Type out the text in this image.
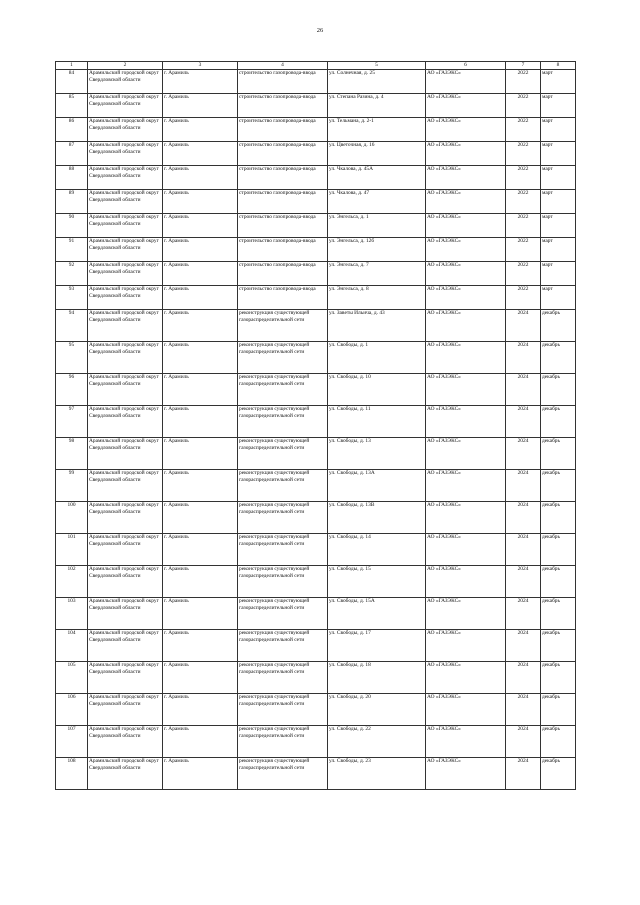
26
1	2	3	4	5	6	7	8
84	Арамильский городской округ Свердловской области	г. Арамиль	строительство газопровода-ввода	ул. Солнечная, д. 25	АО «ГАЗЭКС»	2022	март
85	Арамильский городской округ Свердловской области	г. Арамиль	строительство газопровода-ввода	ул. Степана Разина, д. 4	АО «ГАЗЭКС»	2022	март
86	Арамильский городской округ Свердловской области	г. Арамиль	строительство газопровода-ввода	ул. Тельмана, д. 2-1	АО «ГАЗЭКС»	2022	март
87	Арамильский городской округ Свердловской области	г. Арамиль	строительство газопровода-ввода	ул. Цветочная, д. 16	АО «ГАЗЭКС»	2022	март
88	Арамильский городской округ Свердловской области	г. Арамиль	строительство газопровода-ввода	ул. Чкалова, д. 45А	АО «ГАЗЭКС»	2022	март
89	Арамильский городской округ Свердловской области	г. Арамиль	строительство газопровода-ввода	ул. Чкалова, д. 47	АО «ГАЗЭКС»	2022	март
90	Арамильский городской округ Свердловской области	г. Арамиль	строительство газопровода-ввода	ул. Энгельса, д. 1	АО «ГАЗЭКС»	2022	март
91	Арамильский городской округ Свердловской области	г. Арамиль	строительство газопровода-ввода	ул. Энгельса, д. 12б	АО «ГАЗЭКС»	2022	март
92	Арамильский городской округ Свердловской области	г. Арамиль	строительство газопровода-ввода	ул. Энгельса, д. 7	АО «ГАЗЭКС»	2022	март
93	Арамильский городской округ Свердловской области	г. Арамиль	строительство газопровода-ввода	ул. Энгельса, д. 8	АО «ГАЗЭКС»	2022	март
94	Арамильский городской округ Свердловской области	г. Арамиль	реконструкция существующей газораспределительной сети	ул. Заветы Ильича, д. 43	АО «ГАЗЭКС»	2024	декабрь
95	Арамильский городской округ Свердловской области	г. Арамиль	реконструкция существующей газораспределительной сети	ул. Свободы, д. 1	АО «ГАЗЭКС»	2024	декабрь
96	Арамильский городской округ Свердловской области	г. Арамиль	реконструкция существующей газораспределительной сети	ул. Свободы, д. 10	АО «ГАЗЭКС»	2024	декабрь
97	Арамильский городской округ Свердловской области	г. Арамиль	реконструкция существующей газораспределительной сети	ул. Свободы, д. 11	АО «ГАЗЭКС»	2024	декабрь
98	Арамильский городской округ Свердловской области	г. Арамиль	реконструкция существующей газораспределительной сети	ул. Свободы, д. 13	АО «ГАЗЭКС»	2024	декабрь
99	Арамильский городской округ Свердловской области	г. Арамиль	реконструкция существующей газораспределительной сети	ул. Свободы, д. 13А	АО «ГАЗЭКС»	2024	декабрь
100	Арамильский городской округ Свердловской области	г. Арамиль	реконструкция существующей газораспределительной сети	ул. Свободы, д. 13В	АО «ГАЗЭКС»	2024	декабрь
101	Арамильский городской округ Свердловской области	г. Арамиль	реконструкция существующей газораспределительной сети	ул. Свободы, д. 14	АО «ГАЗЭКС»	2024	декабрь
102	Арамильский городской округ Свердловской области	г. Арамиль	реконструкция существующей газораспределительной сети	ул. Свободы, д. 15	АО «ГАЗЭКС»	2024	декабрь
103	Арамильский городской округ Свердловской области	г. Арамиль	реконструкция существующей газораспределительной сети	ул. Свободы, д. 15А	АО «ГАЗЭКС»	2024	декабрь
104	Арамильский городской округ Свердловской области	г. Арамиль	реконструкция существующей газораспределительной сети	ул. Свободы, д. 17	АО «ГАЗЭКС»	2024	декабрь
105	Арамильский городской округ Свердловской области	г. Арамиль	реконструкция существующей газораспределительной сети	ул. Свободы, д. 18	АО «ГАЗЭКС»	2024	декабрь
106	Арамильский городской округ Свердловской области	г. Арамиль	реконструкция существующей газораспределительной сети	ул. Свободы, д. 20	АО «ГАЗЭКС»	2024	декабрь
107	Арамильский городской округ Свердловской области	г. Арамиль	реконструкция существующей газораспределительной сети	ул. Свободы, д. 22	АО «ГАЗЭКС»	2024	декабрь
108	Арамильский городской округ Свердловской области	г. Арамиль	реконструкция существующей газораспределительной сети	ул. Свободы, д. 23	АО «ГАЗЭКС»	2024	декабрь
